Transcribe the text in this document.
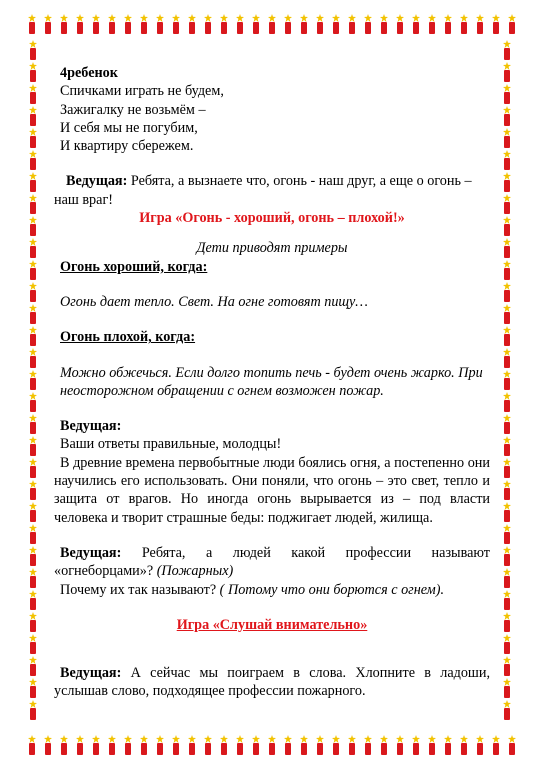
4ребенок

Спичками играть не будем,

Зажигалку не возьмём –

И себя мы не погубим,

И квартиру сбережем.

Ведущая: Ребята, а вызнаете что, огонь - наш друг, а еще о огонь – наш враг!

Игра «Огонь - хороший, огонь – плохой!»

Дети приводят примеры

Огонь хороший, когда:

Огонь дает тепло. Свет. На огне готовят пищу…

Огонь плохой, когда:

Можно обжечься. Если долго топить печь - будет очень жарко. При неосторожном обращении с огнем возможен пожар.

Ведущая:

Ваши ответы правильные, молодцы!

В древние времена первобытные люди боялись огня, а постепенно они научились его использовать. Они поняли, что огонь – это свет, тепло и защита от врагов. Но иногда огонь вырывается из – под власти человека и творит страшные беды: поджигает людей, жилища.

Ведущая: Ребята, а людей какой профессии называют «огнеборцами»? (Пожарных)

Почему их так называют? ( Потому что они борются с огнем).

Игра «Слушай внимательно»

Ведущая: А сейчас мы поиграем в слова. Хлопните в ладоши, услышав слово, подходящее профессии пожарного.
